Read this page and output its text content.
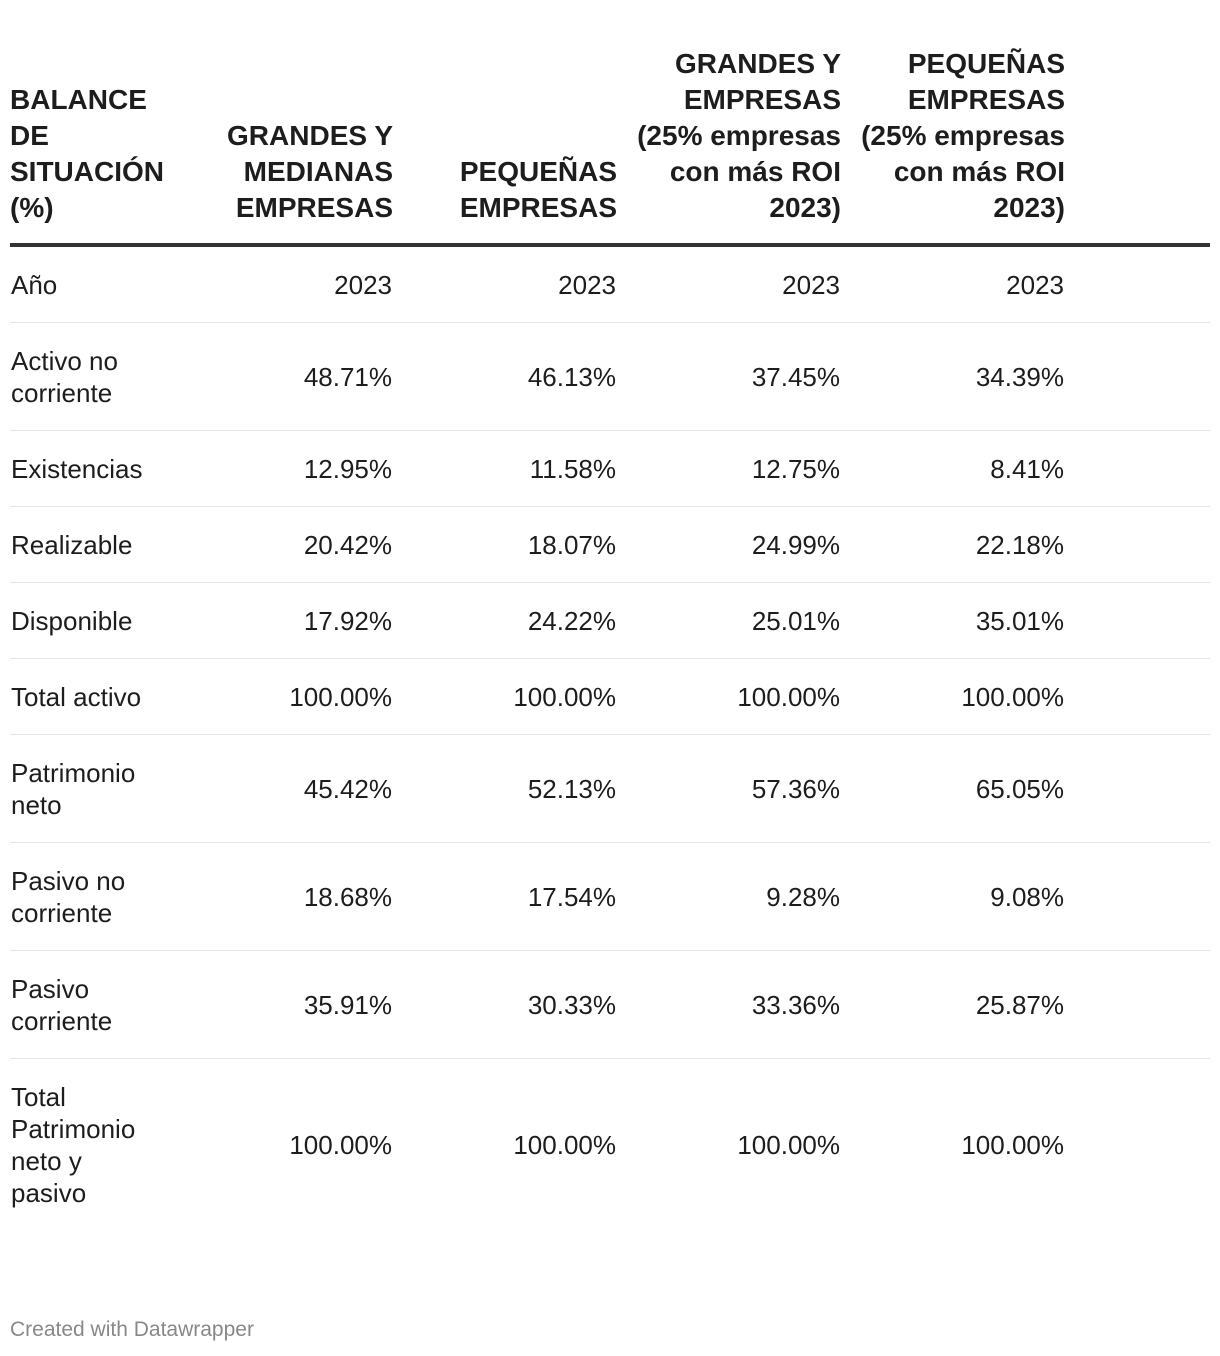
BALANCE DE SITUACIÓN (%)	GRANDES Y MEDIANAS EMPRESAS	PEQUEÑAS EMPRESAS	GRANDES Y EMPRESAS (25% empresas con más ROI 2023)	PEQUEÑAS EMPRESAS (25% empresas con más ROI 2023)	
Año	2023	2023	2023	2023	
Activo no corriente	48.71%	46.13%	37.45%	34.39%	
Existencias	12.95%	11.58%	12.75%	8.41%	
Realizable	20.42%	18.07%	24.99%	22.18%	
Disponible	17.92%	24.22%	25.01%	35.01%	
Total activo	100.00%	100.00%	100.00%	100.00%	
Patrimonio neto	45.42%	52.13%	57.36%	65.05%	
Pasivo no corriente	18.68%	17.54%	9.28%	9.08%	
Pasivo corriente	35.91%	30.33%	33.36%	25.87%	
Total Patrimonio neto y pasivo	100.00%	100.00%	100.00%	100.00%	
Created with Datawrapper
